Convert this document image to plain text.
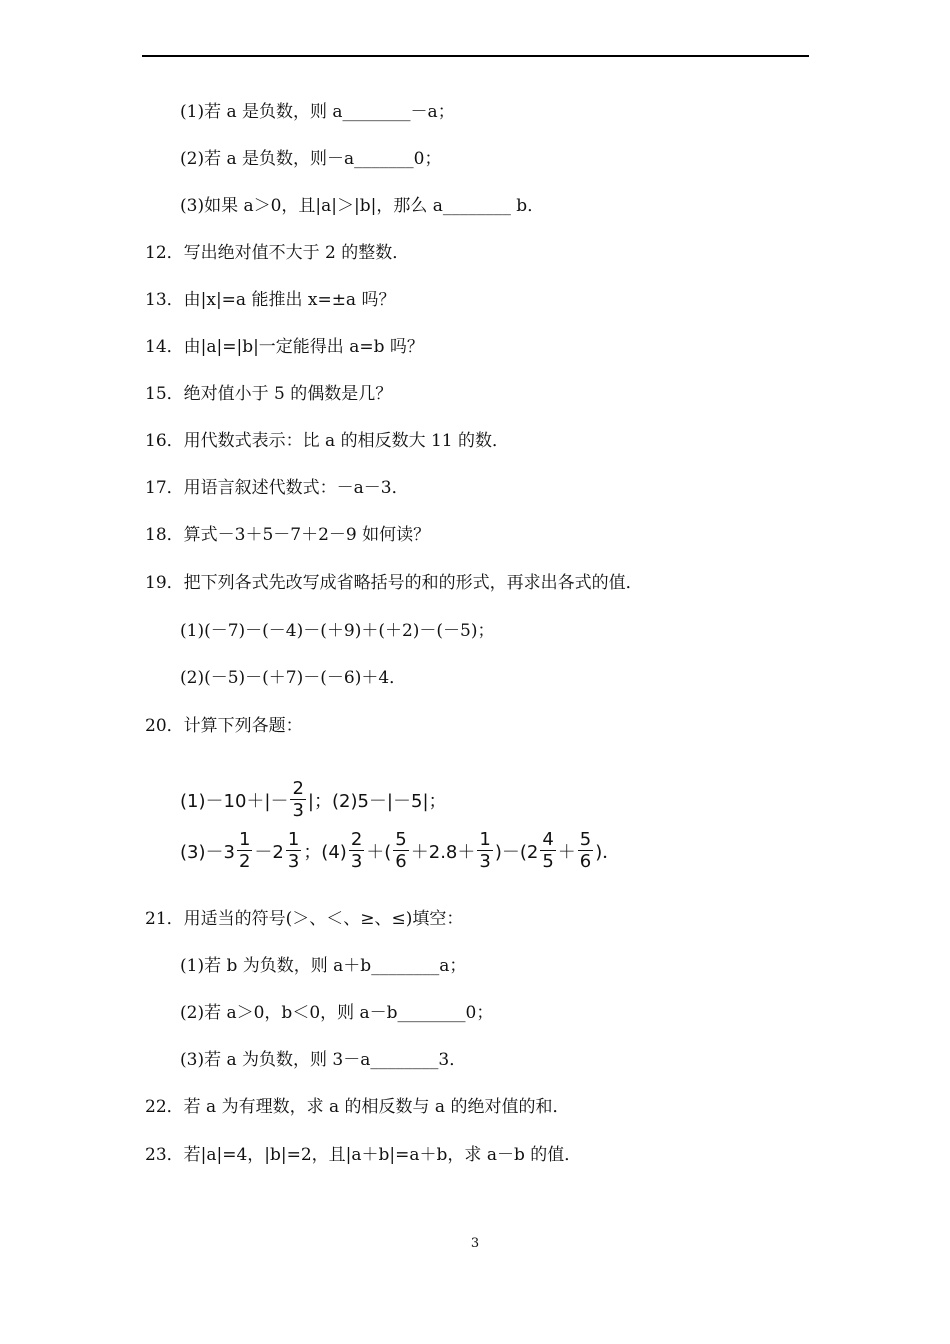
(1)若 a 是负数，则 a________－a；
(2)若 a 是负数，则－a_______0；
(3)如果 a＞0，且|a|＞|b|，那么 a________ b．
12．写出绝对值不大于 2 的整数．
13．由|x|=a 能推出 x=±a 吗？
14．由|a|=|b|一定能得出 a=b 吗？
15．绝对值小于 5 的偶数是几？
16．用代数式表示：比 a 的相反数大 11 的数．
17．用语言叙述代数式：－a－3．
18．算式－3＋5－7＋2－9 如何读？
19．把下列各式先改写成省略括号的和的形式，再求出各式的值．
(1)(－7)－(－4)－(＋9)＋(＋2)－(－5)；
(2)(－5)－(＋7)－(－6)＋4．
20．计算下列各题：
21．用适当的符号(＞、＜、≥、≤)填空：
(1)若 b 为负数，则 a＋b________a；
(2)若 a＞0，b＜0，则 a－b________0；
(3)若 a 为负数，则 3－a________3．
22．若 a 为有理数，求 a 的相反数与 a 的绝对值的和．
23．若|a|=4，|b|=2，且|a＋b|=a＋b，求 a－b 的值．
$(1)-10+|- \frac{2}{3}$ |；(2)5－|－5|；
$(3)-3 \frac{1}{2} -2 \frac{1}{3}$ ；$(4) \frac{2}{3}$ ＋( $\frac{5}{6} +2.8+ \frac{1}{3} )-(2 \frac{4}{5} + \frac{5}{6}$ )．
3
